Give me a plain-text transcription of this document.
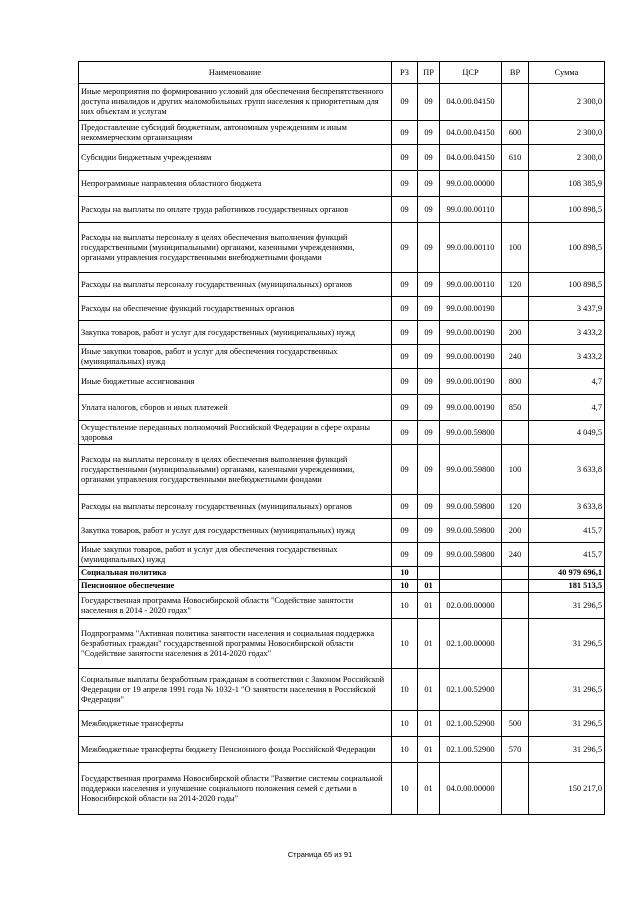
Наименование	РЗ	ПР	ЦСР	ВР	Сумма
Иные мероприятия по формированию условий для обеспечения беспрепятственного доступа инвалидов и других маломобильных групп населения к приоритетным для них объектам и услугам	09	09	04.0.00.04150		2 300,0
Предоставление субсидий бюджетным, автономным учреждениям и иным некоммерческим организациям	09	09	04.0.00.04150	600	2 300,0
Субсидии бюджетным учреждениям	09	09	04.0.00.04150	610	2 300,0
Непрограммные направления областного бюджета	09	09	99.0.00.00000		108 385,9
Расходы на выплаты по оплате труда работников государственных органов	09	09	99.0.00.00110		100 898,5
Расходы на выплаты персоналу в целях обеспечения выполнения функций государственными (муниципальными) органами, казенными учреждениями, органами управления государственными внебюджетными фондами	09	09	99.0.00.00110	100	100 898,5
Расходы на выплаты персоналу государственных (муниципальных) органов	09	09	99.0.00.00110	120	100 898,5
Расходы на обеспечение функций государственных органов	09	09	99.0.00.00190		3 437,9
Закупка товаров, работ и услуг для государственных (муниципальных) нужд	09	09	99.0.00.00190	200	3 433,2
Иные закупки товаров, работ и услуг для обеспечения государственных (муниципальных) нужд	09	09	99.0.00.00190	240	3 433,2
Иные бюджетные ассигнования	09	09	99.0.00.00190	800	4,7
Уплата налогов, сборов и иных платежей	09	09	99.0.00.00190	850	4,7
Осуществление переданных полномочий Российской Федерации в сфере охраны здоровья	09	09	99.0.00.59800		4 049,5
Расходы на выплаты персоналу в целях обеспечения выполнения функций государственными (муниципальными) органами, казенными учреждениями, органами управления государственными внебюджетными фондами	09	09	99.0.00.59800	100	3 633,8
Расходы на выплаты персоналу государственных (муниципальных) органов	09	09	99.0.00.59800	120	3 633,8
Закупка товаров, работ и услуг для государственных (муниципальных) нужд	09	09	99.0.00.59800	200	415,7
Иные закупки товаров, работ и услуг для обеспечения государственных (муниципальных) нужд	09	09	99.0.00.59800	240	415,7
Социальная политика	10				40 979 696,1
Пенсионное обеспечение	10	01			181 513,5
Государственная программа Новосибирской области "Содействие занятости населения в 2014 - 2020 годах"	10	01	02.0.00.00000		31 296,5
Подпрограмма "Активная политика занятости населения и социальная поддержка безработных граждан" государственной программы Новосибирской области "Содействие занятости населения в 2014-2020 годах"	10	01	02.1.00.00000		31 296,5
Социальные выплаты безработным гражданам в соответствии с Законом Российской Федерации от 19 апреля 1991 года № 1032-1 "О занятости населения в Российской Федерации"	10	01	02.1.00.52900		31 296,5
Межбюджетные трансферты	10	01	02.1.00.52900	500	31 296,5
Межбюджетные трансферты бюджету Пенсионного фонда Российской Федерации	10	01	02.1.00.52900	570	31 296,5
Государственная программа Новосибирской области "Развитие системы социальной поддержки населения и улучшение социального положения семей с детьми в Новосибирской области на 2014-2020 годы"	10	01	04.0.00.00000		150 217,0
Страница 65 из 91
